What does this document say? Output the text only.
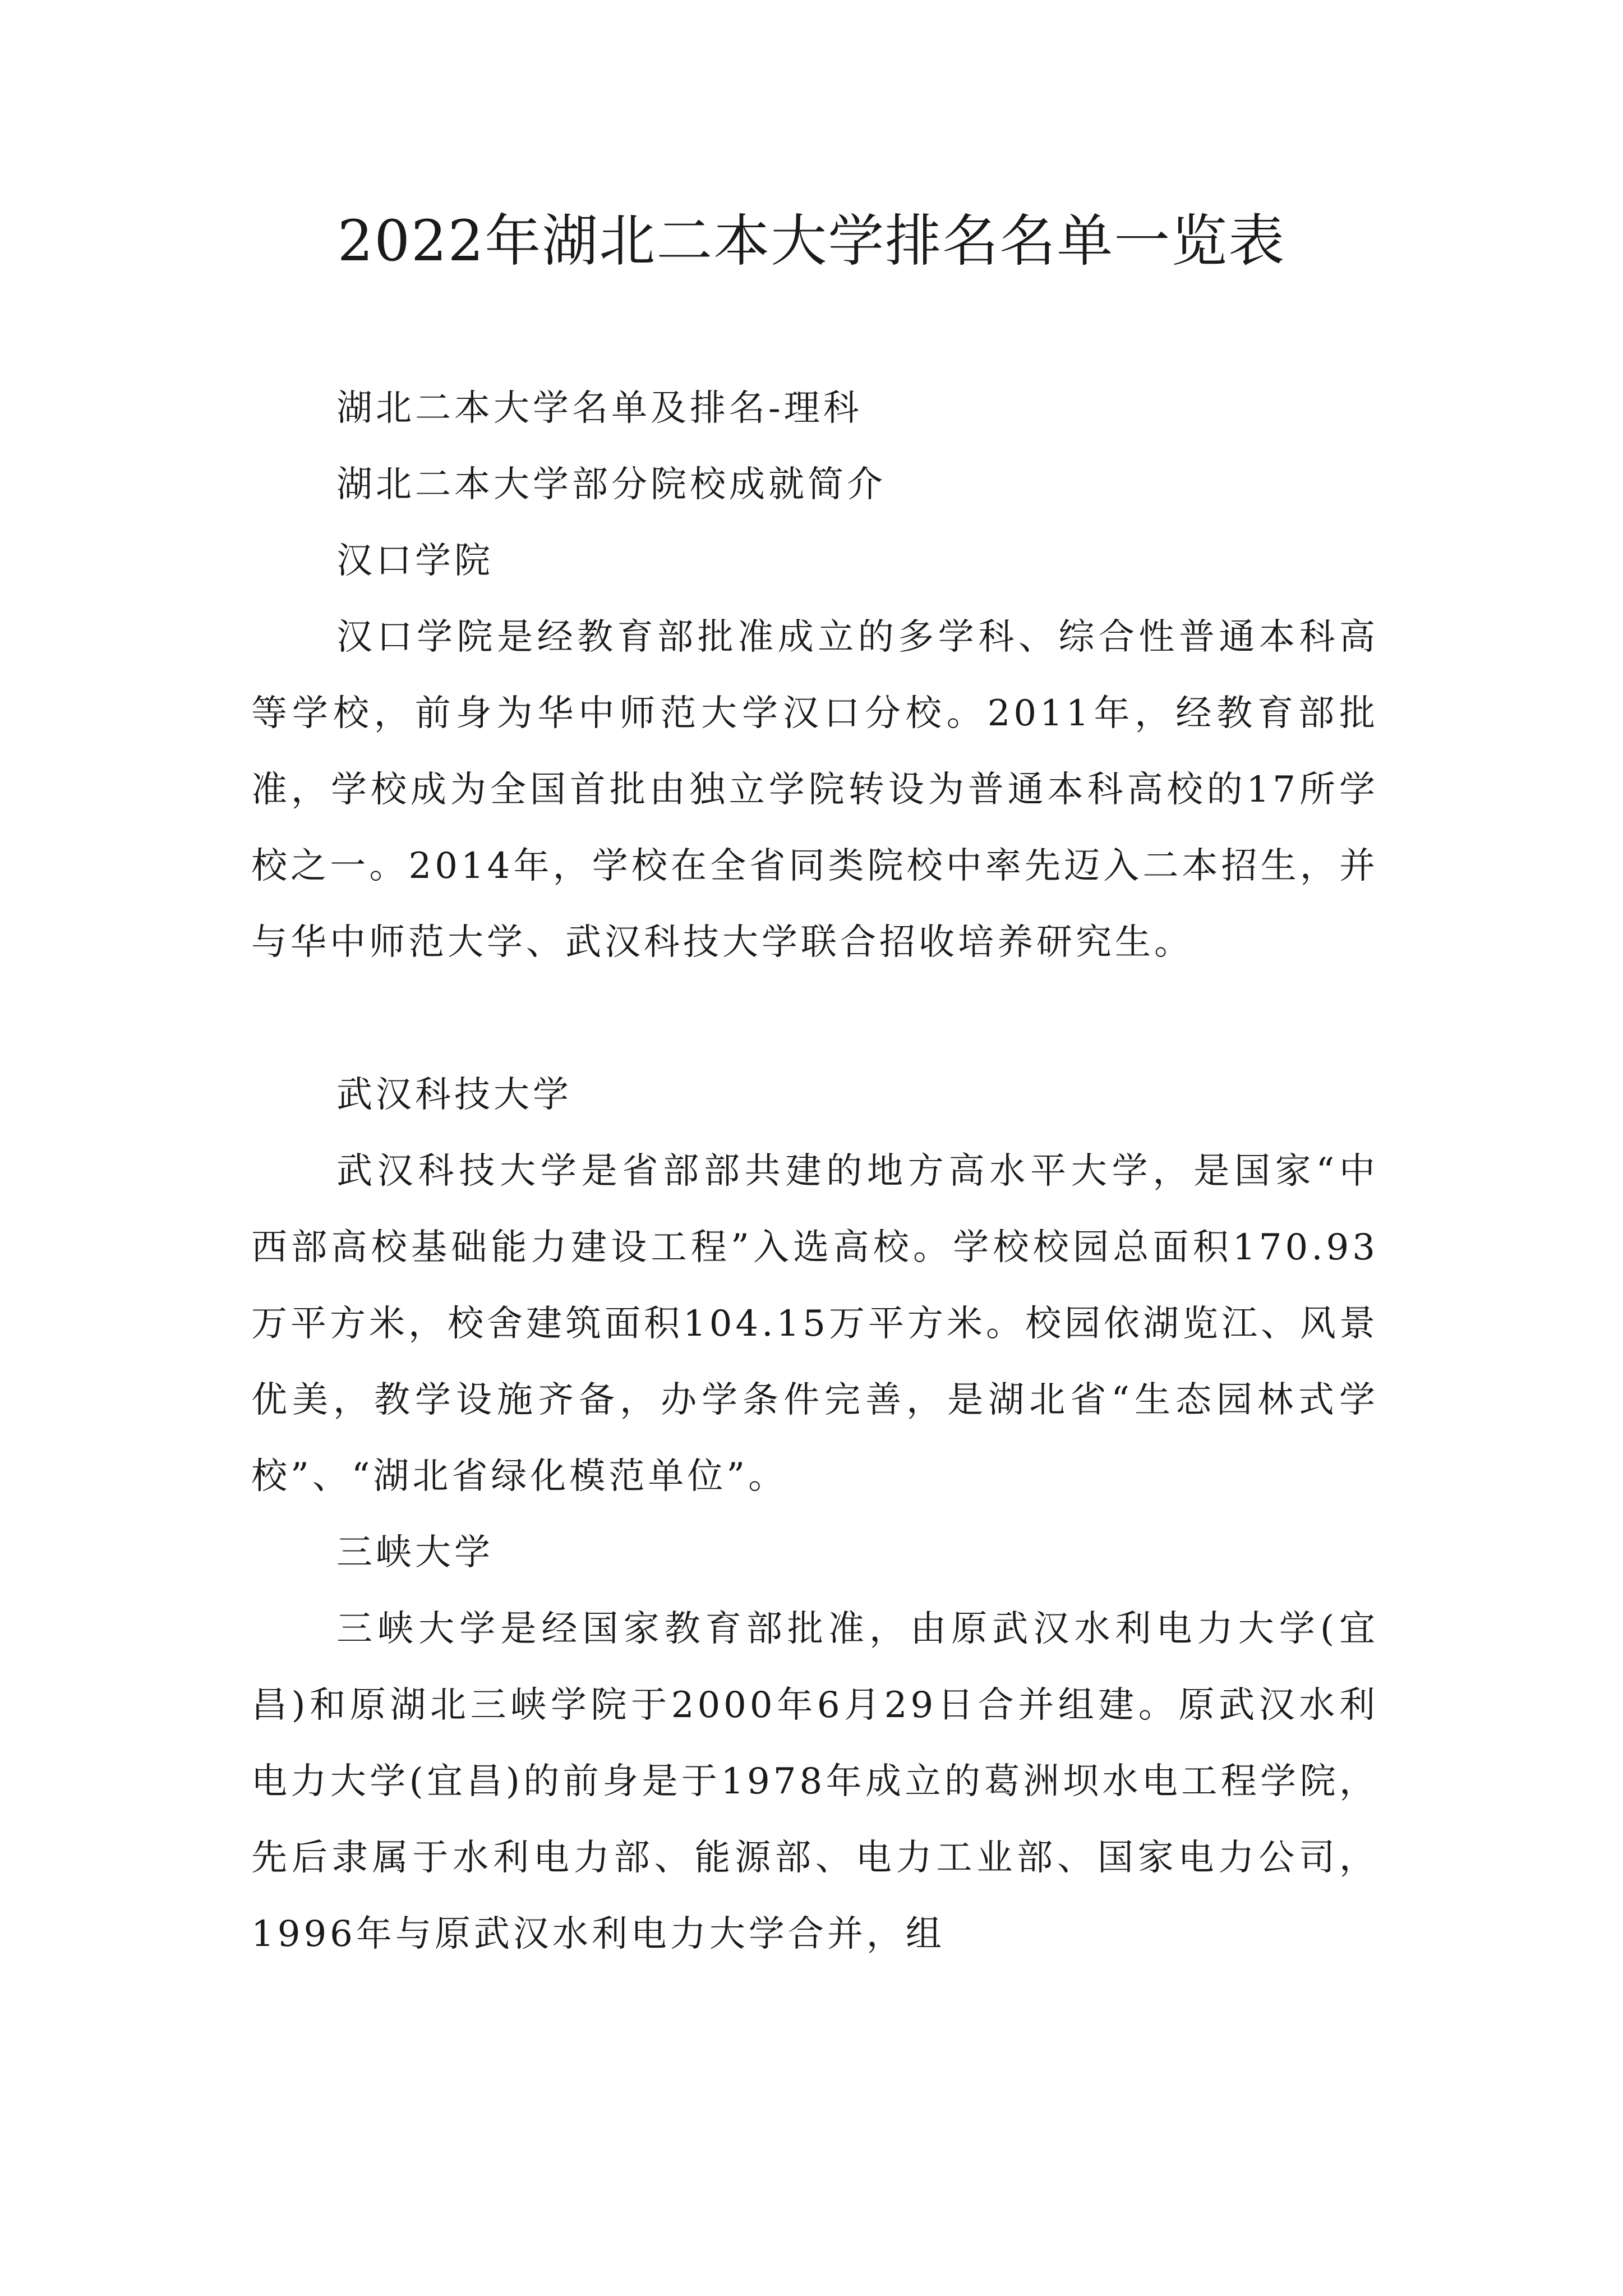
2022年湖北二本大学排名名单一览表

湖北二本大学名单及排名-理科

湖北二本大学部分院校成就简介

汉口学院

汉口学院是经教育部批准成立的多学科、综合性普通本科高等学校，前身为华中师范大学汉口分校。2011年，经教育部批准，学校成为全国首批由独立学院转设为普通本科高校的17所学校之一。2014年，学校在全省同类院校中率先迈入二本招生，并与华中师范大学、武汉科技大学联合招收培养研究生。

武汉科技大学

武汉科技大学是省部部共建的地方高水平大学，是国家“中西部高校基础能力建设工程”入选高校。学校校园总面积170.93万平方米，校舍建筑面积104.15万平方米。校园依湖览江、风景优美，教学设施齐备，办学条件完善，是湖北省“生态园林式学校”、“湖北省绿化模范单位”。

三峡大学

三峡大学是经国家教育部批准，由原武汉水利电力大学(宜昌)和原湖北三峡学院于2000年6月29日合并组建。原武汉水利电力大学(宜昌)的前身是于1978年成立的葛洲坝水电工程学院，先后隶属于水利电力部、能源部、电力工业部、国家电力公司，1996年与原武汉水利电力大学合并，组
